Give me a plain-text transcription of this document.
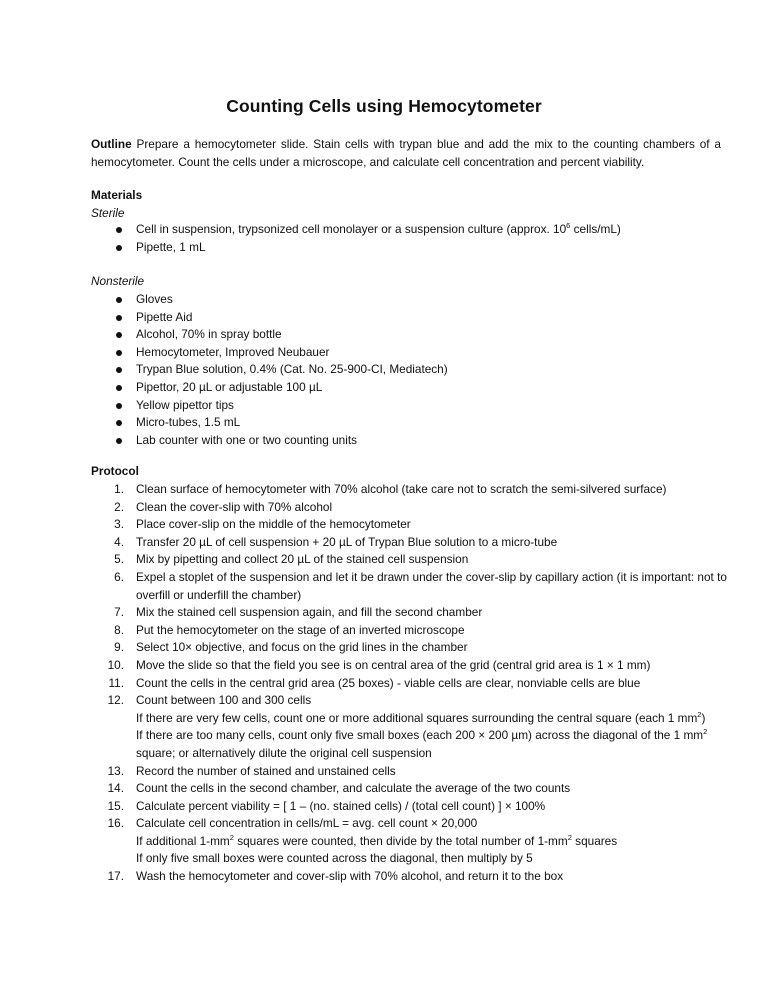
Counting Cells using Hemocytometer
Outline Prepare a hemocytometer slide. Stain cells with trypan blue and add the mix to the counting chambers of a hemocytometer. Count the cells under a microscope, and calculate cell concentration and percent viability.
Materials
Sterile
Cell in suspension, trypsonized cell monolayer or a suspension culture (approx. $10^6$ cells/mL)
Pipette, 1 mL
Nonsterile
Gloves
Pipette Aid
Alcohol, 70% in spray bottle
Hemocytometer, Improved Neubauer
Trypan Blue solution, 0.4% (Cat. No. 25-900-CI, Mediatech)
Pipettor, 20 µL or adjustable 100 µL
Yellow pipettor tips
Micro-tubes, 1.5 mL
Lab counter with one or two counting units
Protocol
1. Clean surface of hemocytometer with 70% alcohol (take care not to scratch the semi-silvered surface)
2. Clean the cover-slip with 70% alcohol
3. Place cover-slip on the middle of the hemocytometer
4. Transfer 20 µL of cell suspension + 20 µL of Trypan Blue solution to a micro-tube
5. Mix by pipetting and collect 20 µL of the stained cell suspension
6. Expel a stoplet of the suspension and let it be drawn under the cover-slip by capillary action (it is important: not to overfill or underfill the chamber)
7. Mix the stained cell suspension again, and fill the second chamber
8. Put the hemocytometer on the stage of an inverted microscope
9. Select 10× objective, and focus on the grid lines in the chamber
10. Move the slide so that the field you see is on central area of the grid (central grid area is 1 × 1 mm)
11. Count the cells in the central grid area (25 boxes) - viable cells are clear, nonviable cells are blue
12. Count between 100 and 300 cells
If there are very few cells, count one or more additional squares surrounding the central square (each 1 $mm^2$)
If there are too many cells, count only five small boxes (each 200 × 200 µm) across the diagonal of the 1 $mm^2$ square; or alternatively dilute the original cell suspension
13. Record the number of stained and unstained cells
14. Count the cells in the second chamber, and calculate the average of the two counts
15. Calculate percent viability = [ 1 – (no. stained cells) / (total cell count) ] × 100%
16. Calculate cell concentration in cells/mL = avg. cell count × 20,000
If additional $1-mm^2$ squares were counted, then divide by the total number of $1-mm^2$ squares
If only five small boxes were counted across the diagonal, then multiply by 5
17. Wash the hemocytometer and cover-slip with 70% alcohol, and return it to the box
